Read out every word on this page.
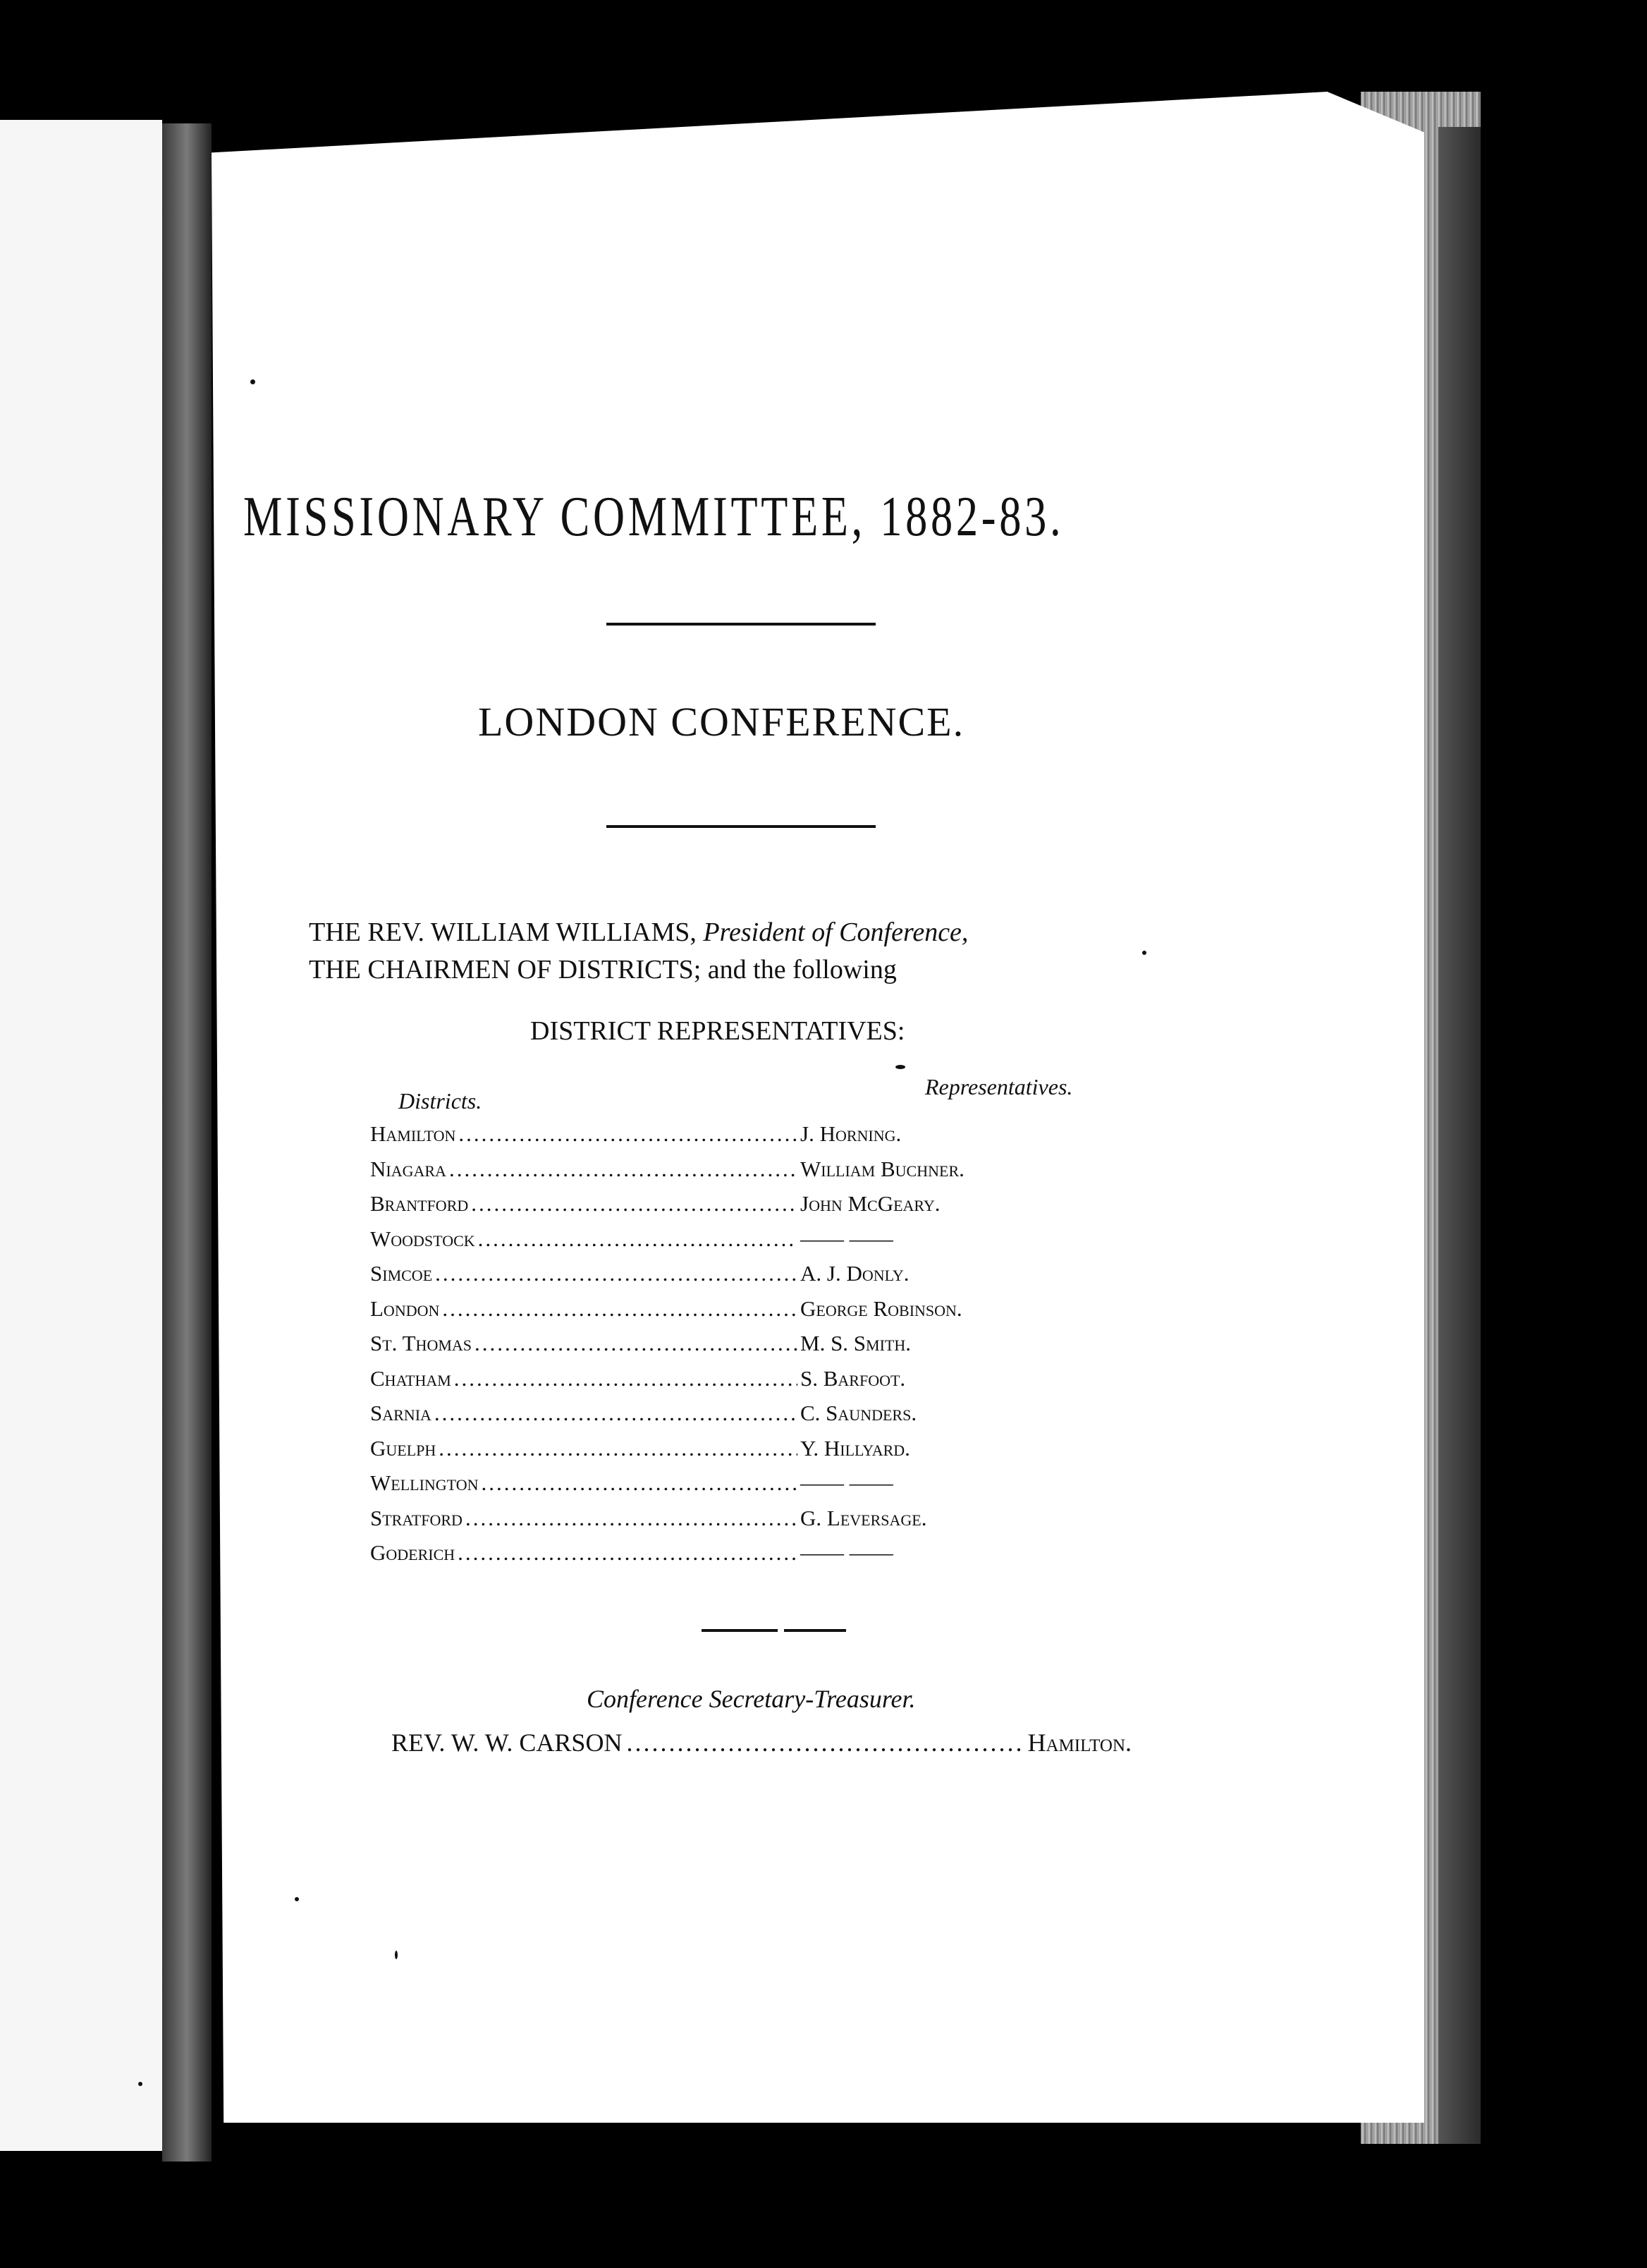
MISSIONARY COMMITTEE, 1882-83.
LONDON CONFERENCE.
THE REV. WILLIAM WILLIAMS, President of Conference,
THE CHAIRMEN OF DISTRICTS; and the following
DISTRICT REPRESENTATIVES:
Districts.
Representatives.
Hamilton .....	J. Horning.
Niagara .....	William Buchner.
Brantford .....	John McGeary.
Woodstock .....	—— ——
Simcoe .....	A. J. Donly.
London .....	George Robinson.
St. Thomas .....	M. S. Smith.
Chatham .....	S. Barfoot.
Sarnia .....	C. Saunders.
Guelph .....	Y. Hillyard.
Wellington .....	—— ——
Stratford .....	G. Leversage.
Goderich .....	—— ——
Conference Secretary-Treasurer.
REV. W. W. CARSON .....	Hamilton.
